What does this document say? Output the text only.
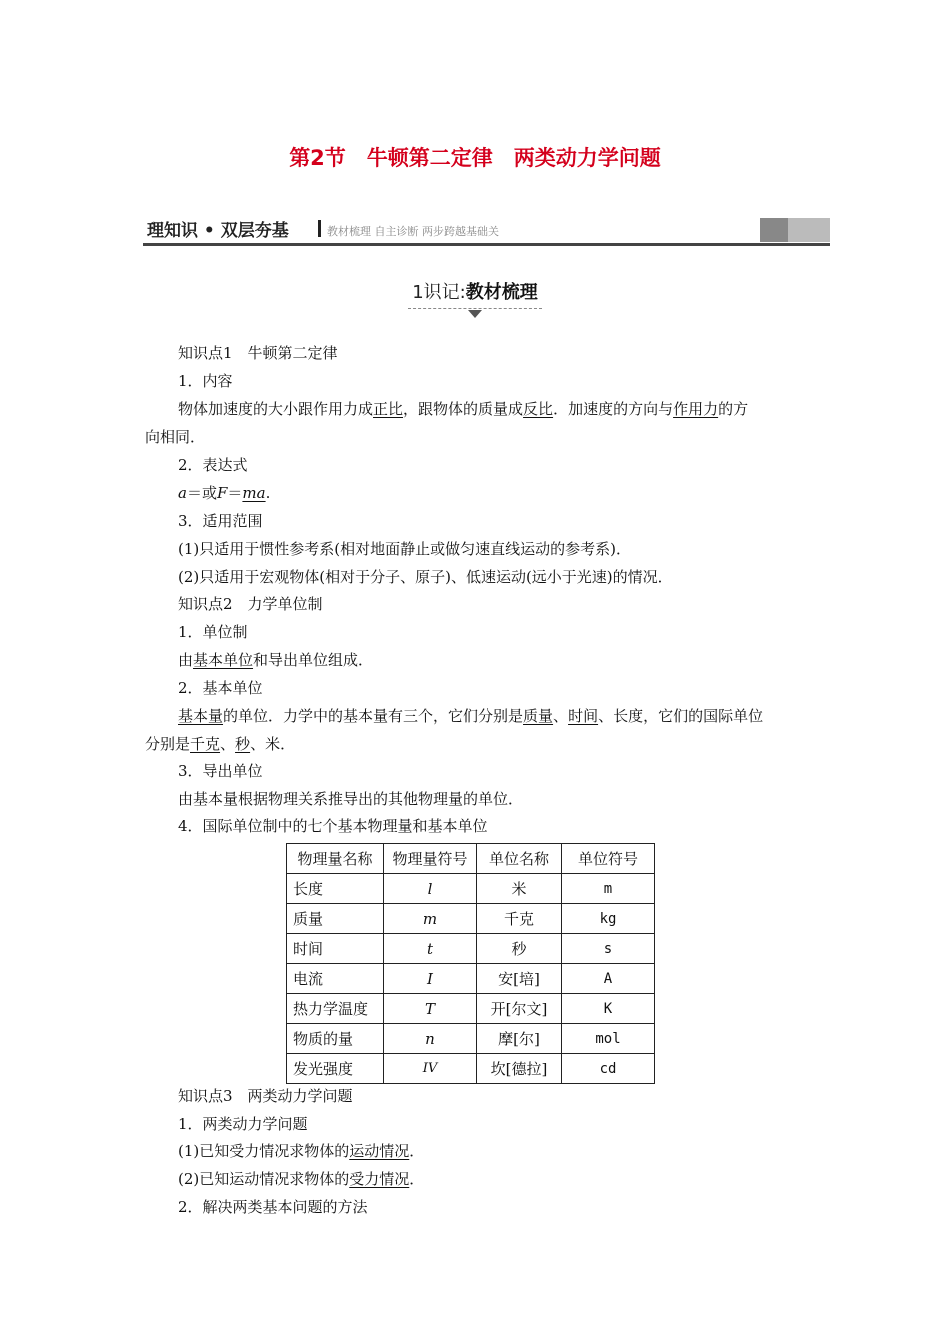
第2节　牛顿第二定律　两类动力学问题
理知识 • 双层夯基	教材梳理 自主诊断 两步跨越基础关
1识记:教材梳理
知识点1　牛顿第二定律
1．内容
物体加速度的大小跟作用力成正比，跟物体的质量成反比．加速度的方向与作用力的方
向相同．
2．表达式
a＝或F＝ma.
3．适用范围
(1)只适用于惯性参考系(相对地面静止或做匀速直线运动的参考系)．
(2)只适用于宏观物体(相对于分子、原子)、低速运动(远小于光速)的情况．
知识点2　力学单位制
1．单位制
由基本单位和导出单位组成．
2．基本单位
基本量的单位．力学中的基本量有三个，它们分别是质量、时间、长度，它们的国际单位
分别是千克、秒、米．
3．导出单位
由基本量根据物理关系推导出的其他物理量的单位．
4．国际单位制中的七个基本物理量和基本单位
物理量名称	物理量符号	单位名称	单位符号
长度	l	米	m
质量	m	千克	kg
时间	t	秒	s
电流	I	安[培]	A
热力学温度	T	开[尔文]	K
物质的量	n	摩[尔]	mol
发光强度	IV	坎[德拉]	cd
知识点3　两类动力学问题
1．两类动力学问题
(1)已知受力情况求物体的运动情况．
(2)已知运动情况求物体的受力情况．
2．解决两类基本问题的方法
